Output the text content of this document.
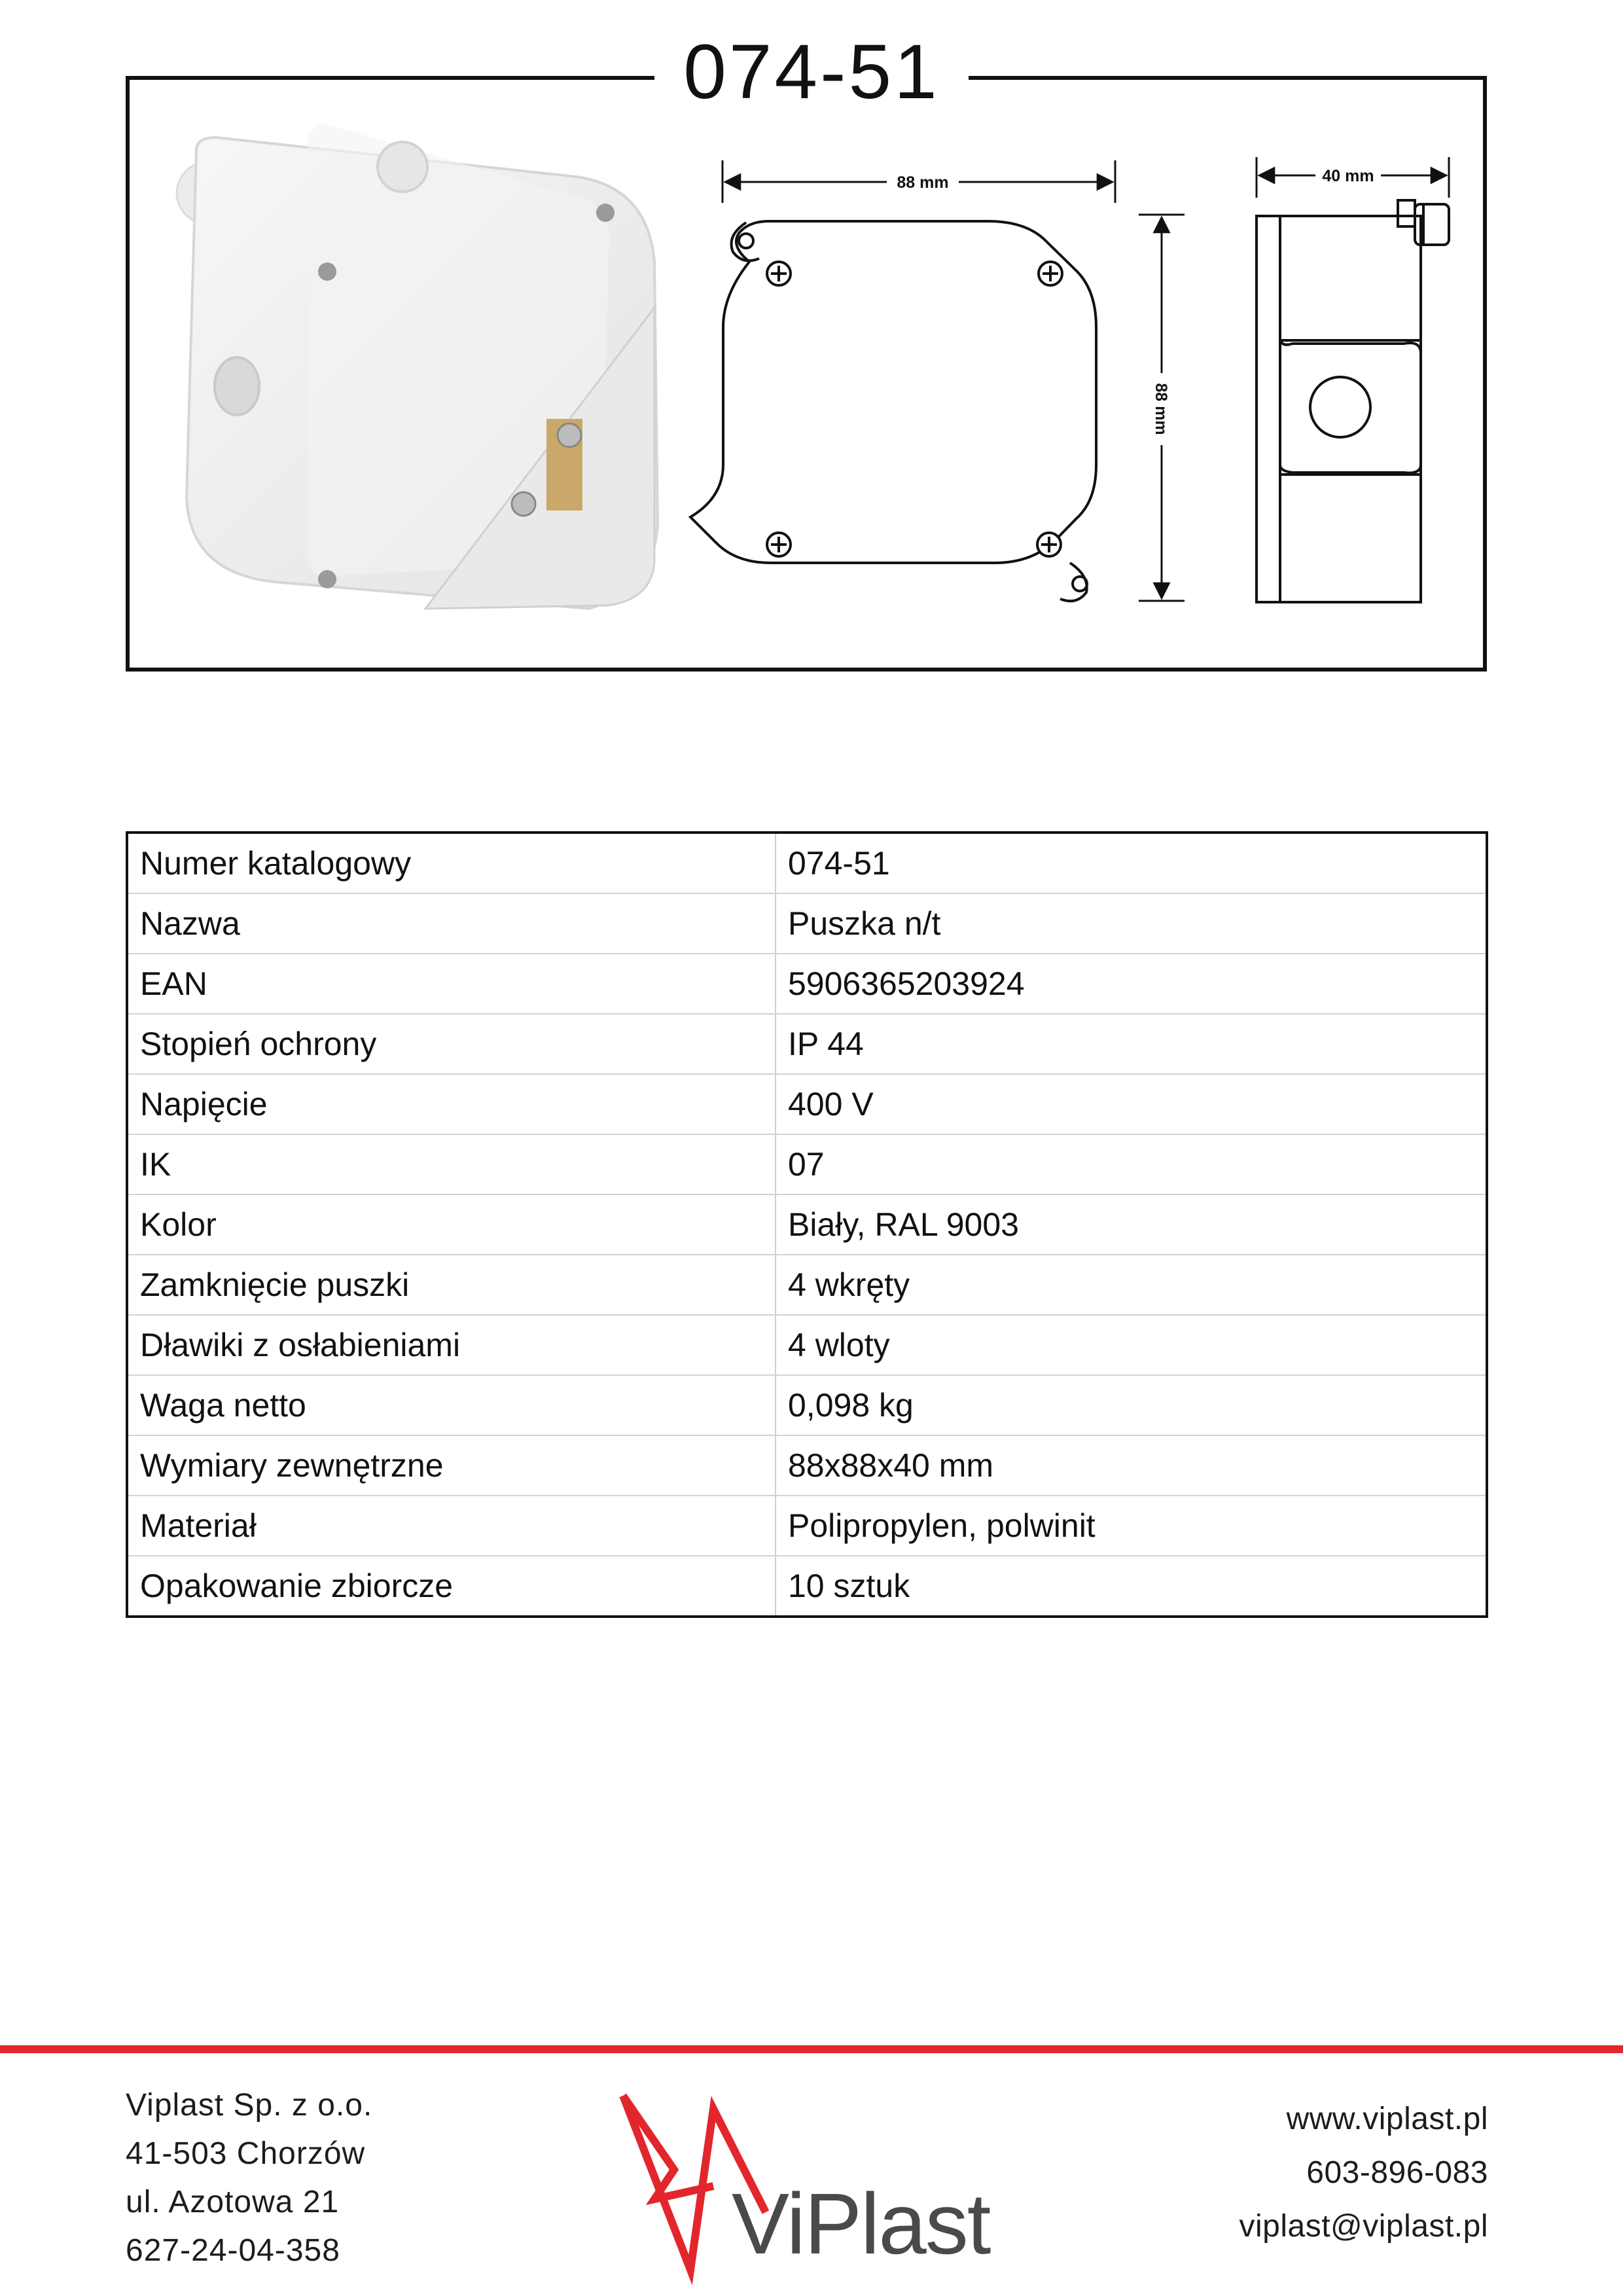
074-51
88 mm
88 mm
40 mm
Numer katalogowy	074-51
Nazwa	Puszka n/t
EAN	5906365203924
Stopień ochrony	IP 44
Napięcie	400 V
IK	07
Kolor	Biały, RAL 9003
Zamknięcie puszki	4 wkręty
Dławiki z osłabieniami	4 wloty
Waga netto	0,098 kg
Wymiary zewnętrzne	88x88x40 mm
Materiał	Polipropylen, polwinit
Opakowanie zbiorcze	10 sztuk
Viplast Sp. z o.o.
41-503 Chorzów
ul. Azotowa 21
627-24-04-358	ViPlast
www.viplast.pl
603-896-083
viplast@viplast.pl
